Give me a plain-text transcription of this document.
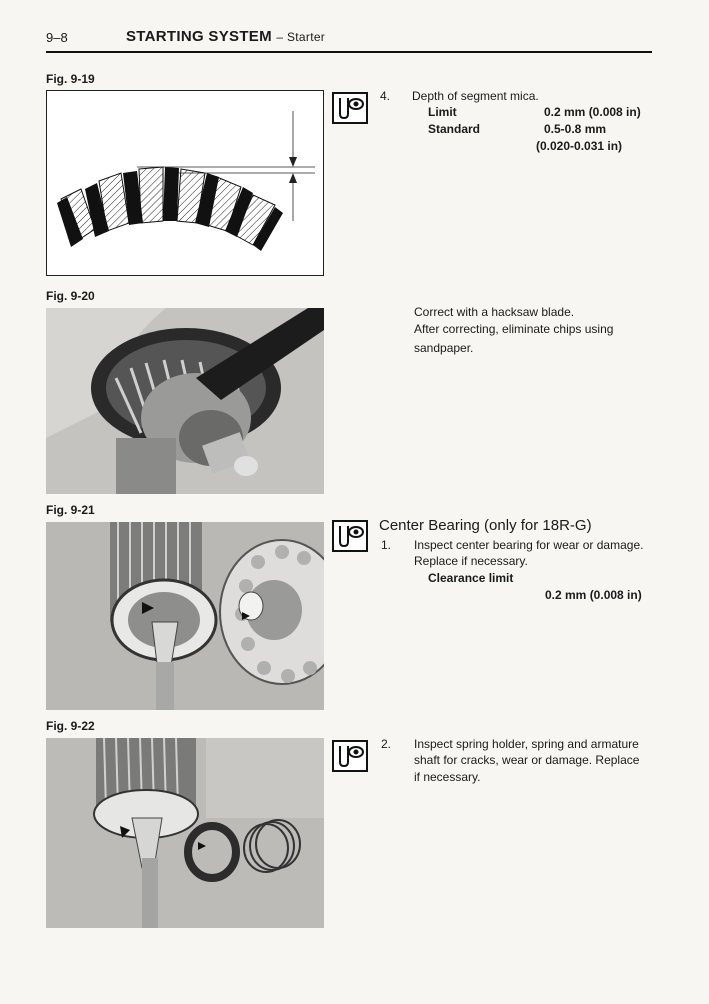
9–8	STARTING SYSTEM – Starter
Fig. 9-19
4. Depth of segment mica.
Limit	0.2 mm (0.008 in)
Standard	0.5-0.8 mm
(0.020-0.031 in)
Fig. 9-20
Correct with a hacksaw blade.
After correcting, eliminate chips using
sandpaper.
Fig. 9-21
Center Bearing (only for 18R-G)
1. Inspect center bearing for wear or damage.
Replace if necessary.
Clearance limit
0.2 mm (0.008 in)
Fig. 9-22
2. Inspect spring holder, spring and armature
shaft for cracks, wear or damage. Replace
if necessary.
